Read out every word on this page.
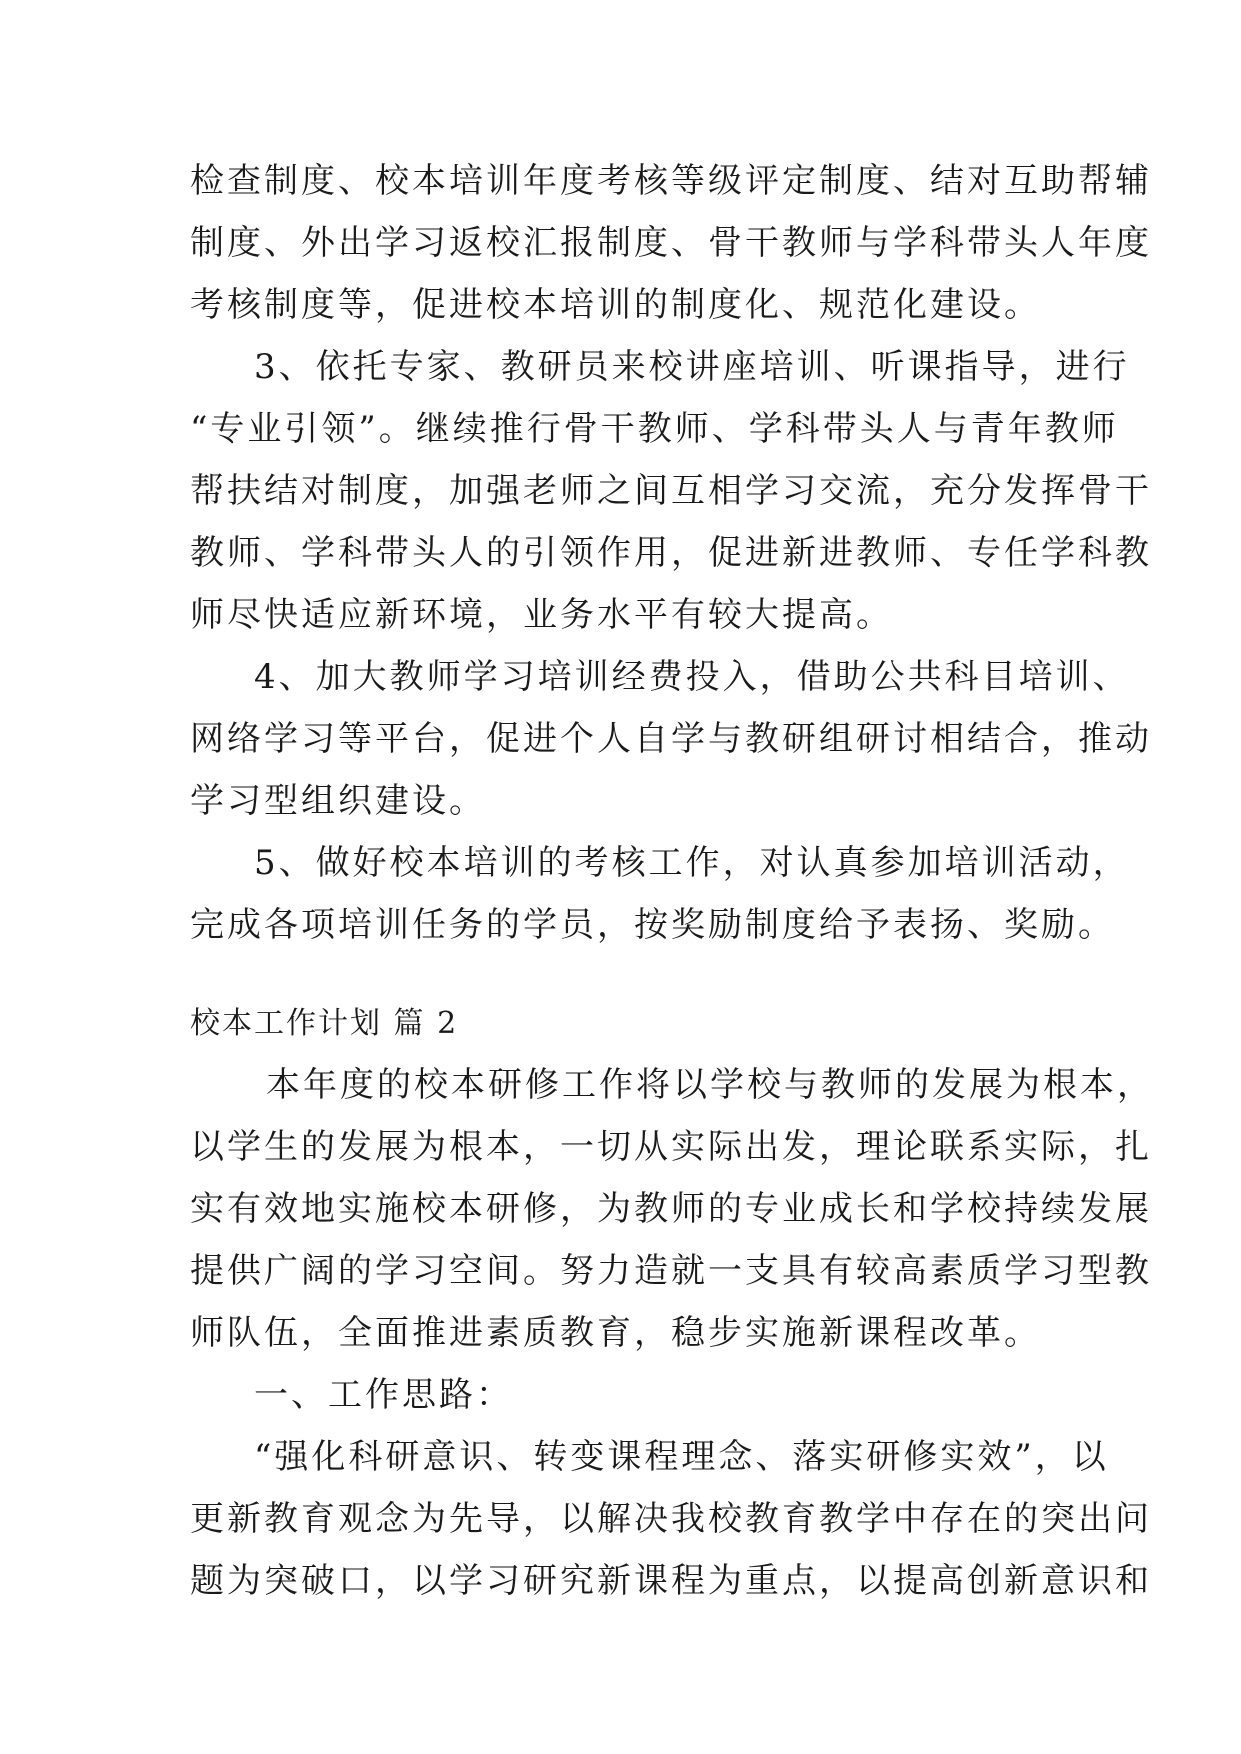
检查制度、校本培训年度考核等级评定制度、结对互助帮辅
制度、外出学习返校汇报制度、骨干教师与学科带头人年度
考核制度等，促进校本培训的制度化、规范化建设。
3、依托专家、教研员来校讲座培训、听课指导，进行
“专业引领”。继续推行骨干教师、学科带头人与青年教师
帮扶结对制度，加强老师之间互相学习交流，充分发挥骨干
教师、学科带头人的引领作用，促进新进教师、专任学科教
师尽快适应新环境，业务水平有较大提高。
4、加大教师学习培训经费投入，借助公共科目培训、
网络学习等平台，促进个人自学与教研组研讨相结合，推动
学习型组织建设。
5、做好校本培训的考核工作，对认真参加培训活动，
完成各项培训任务的学员，按奖励制度给予表扬、奖励。
校本工作计划 篇 2
本年度的校本研修工作将以学校与教师的发展为根本，
以学生的发展为根本，一切从实际出发，理论联系实际，扎
实有效地实施校本研修，为教师的专业成长和学校持续发展
提供广阔的学习空间。努力造就一支具有较高素质学习型教
师队伍，全面推进素质教育，稳步实施新课程改革。
一、工作思路：
“强化科研意识、转变课程理念、落实研修实效”，以
更新教育观念为先导，以解决我校教育教学中存在的突出问
题为突破口，以学习研究新课程为重点，以提高创新意识和
